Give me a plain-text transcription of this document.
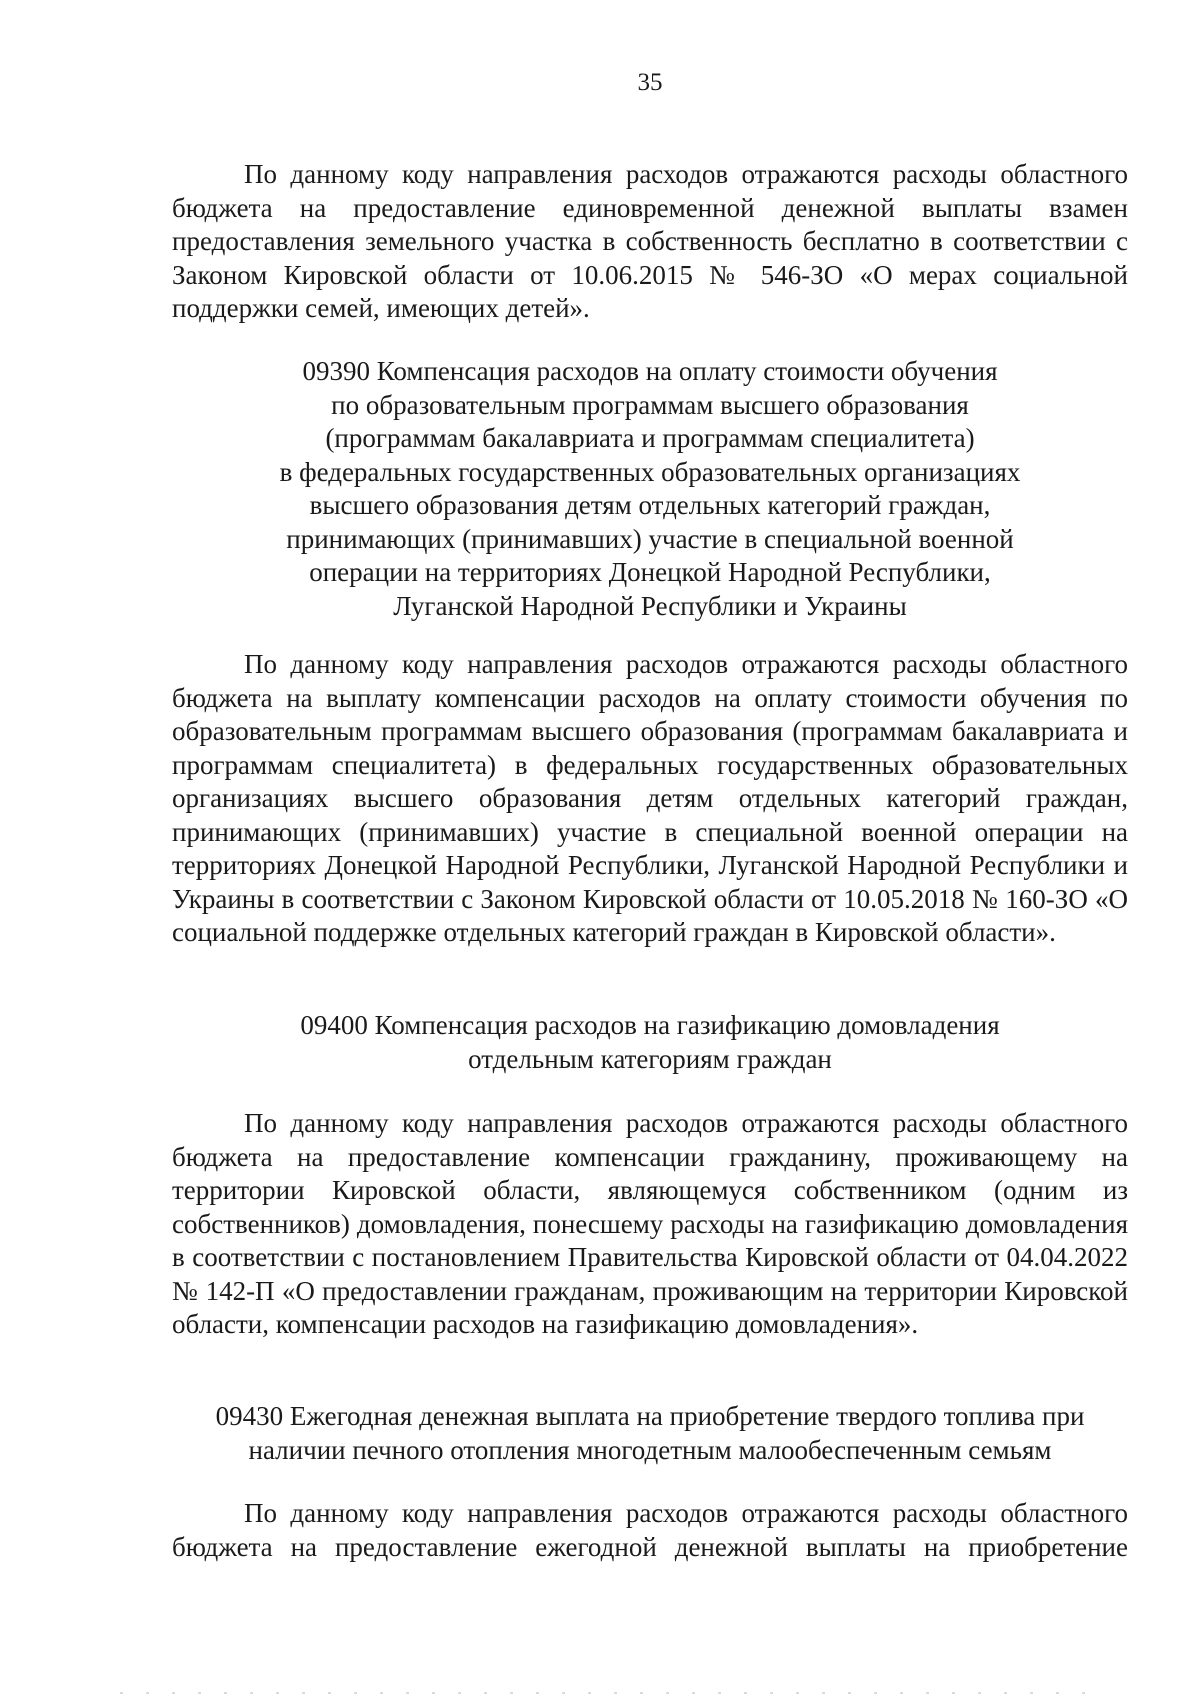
35

По данному коду направления расходов отражаются расходы областного бюджета на предоставление единовременной денежной выплаты взамен предоставления земельного участка в собственность бесплатно в соответствии с Законом Кировской области от 10.06.2015 № 546-ЗО «О мерах социальной поддержки семей, имеющих детей».

09390 Компенсация расходов на оплату стоимости обучения
по образовательным программам высшего образования
(программам бакалавриата и программам специалитета)
в федеральных государственных образовательных организациях
высшего образования детям отдельных категорий граждан,
принимающих (принимавших) участие в специальной военной
операции на территориях Донецкой Народной Республики,
Луганской Народной Республики и Украины

По данному коду направления расходов отражаются расходы областного бюджета на выплату компенсации расходов на оплату стоимости обучения по образовательным программам высшего образования (программам бакалавриата и программам специалитета) в федеральных государственных образовательных организациях высшего образования детям отдельных категорий граждан, принимающих (принимавших) участие в специальной военной операции на территориях Донецкой Народной Республики, Луганской Народной Республики и Украины в соответствии с Законом Кировской области от 10.05.2018 № 160-ЗО «О социальной поддержке отдельных категорий граждан в Кировской области».

09400 Компенсация расходов на газификацию домовладения
отдельным категориям граждан

По данному коду направления расходов отражаются расходы областного бюджета на предоставление компенсации гражданину, проживающему на территории Кировской области, являющемуся собственником (одним из собственников) домовладения, понесшему расходы на газификацию домовладения в соответствии с постановлением Правительства Кировской области от 04.04.2022 № 142-П «О предоставлении гражданам, проживающим на территории Кировской области, компенсации расходов на газификацию домовладения».

09430 Ежегодная денежная выплата на приобретение твердого топлива при
наличии печного отопления многодетным малообеспеченным семьям

По данному коду направления расходов отражаются расходы областного бюджета на предоставление ежегодной денежной выплаты на приобретение
